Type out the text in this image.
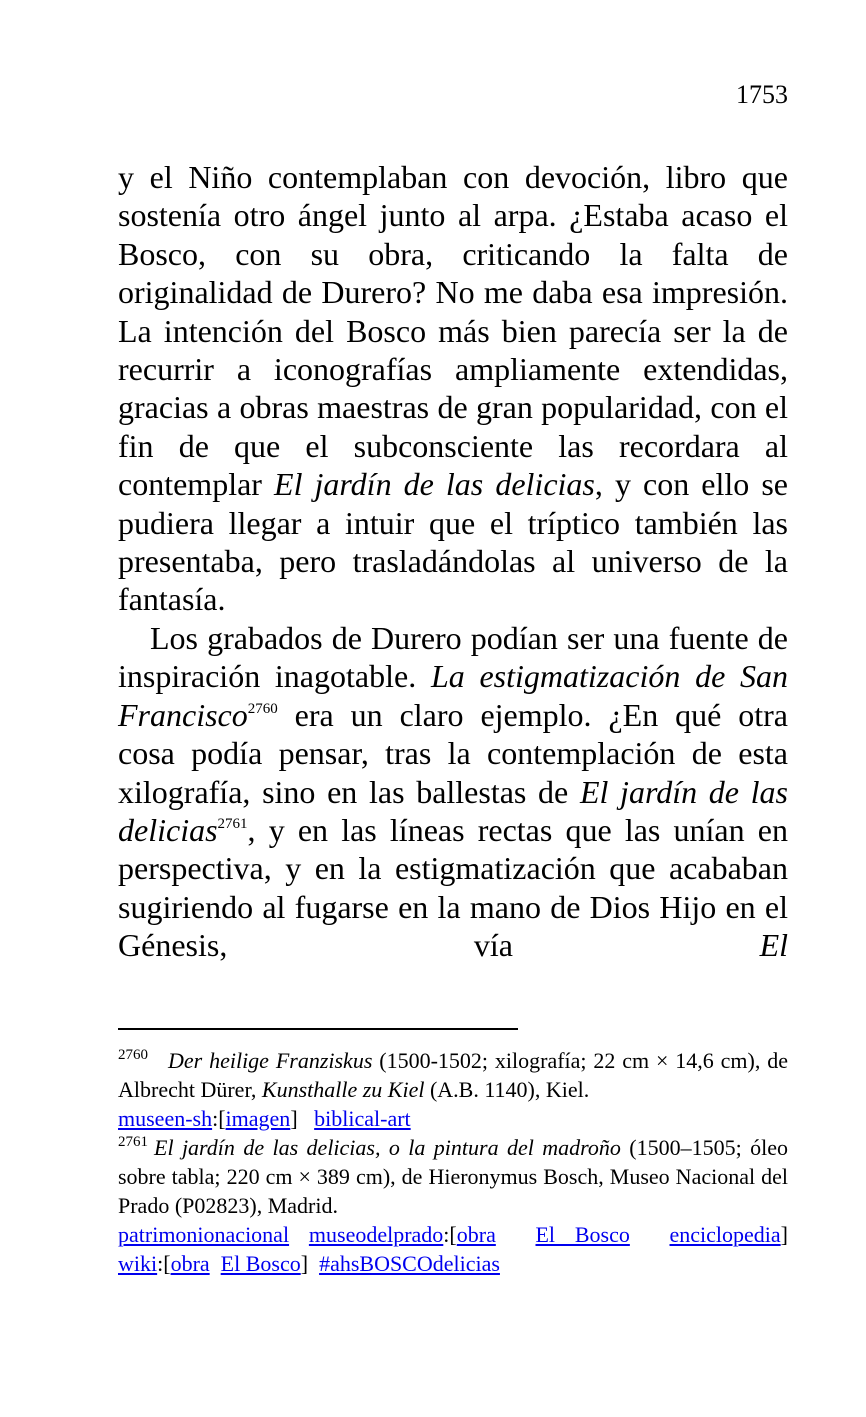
1753

y el Niño contemplaban con devoción, libro que sostenía otro ángel junto al arpa. ¿Estaba acaso el Bosco, con su obra, criticando la falta de originalidad de Durero? No me daba esa impresión. La intención del Bosco más bien parecía ser la de recurrir a iconografías ampliamente extendidas, gracias a obras maestras de gran popularidad, con el fin de que el subconsciente las recordara al contemplar El jardín de las delicias, y con ello se pudiera llegar a intuir que el tríptico también las presentaba, pero trasladándolas al universo de la fantasía.

Los grabados de Durero podían ser una fuente de inspiración inagotable. La estigmatización de San Francisco$^{2760}$ era un claro ejemplo. ¿En qué otra cosa podía pensar, tras la contemplación de esta xilografía, sino en las ballestas de El jardín de las delicias$^{2761}$, y en las líneas rectas que las unían en perspectiva, y en la estigmatización que acababan sugiriendo al fugarse en la mano de Dios Hijo en el Génesis, vía El

$^{2760}$ Der heilige Franziskus (1500-1502; xilografía; 22 cm × 14,6 cm), de Albrecht Dürer, Kunsthalle zu Kiel (A.B. 1140), Kiel.

museen-sh:[imagen] biblical-art

$^{2761}$ El jardín de las delicias, o la pintura del madroño (1500–1505; óleo sobre tabla; 220 cm × 389 cm), de Hieronymus Bosch, Museo Nacional del Prado (P02823), Madrid.

patrimonionacional museodelprado:[obra El Bosco enciclopedia]

wiki:[obra El Bosco] #ahsBOSCOdelicias
